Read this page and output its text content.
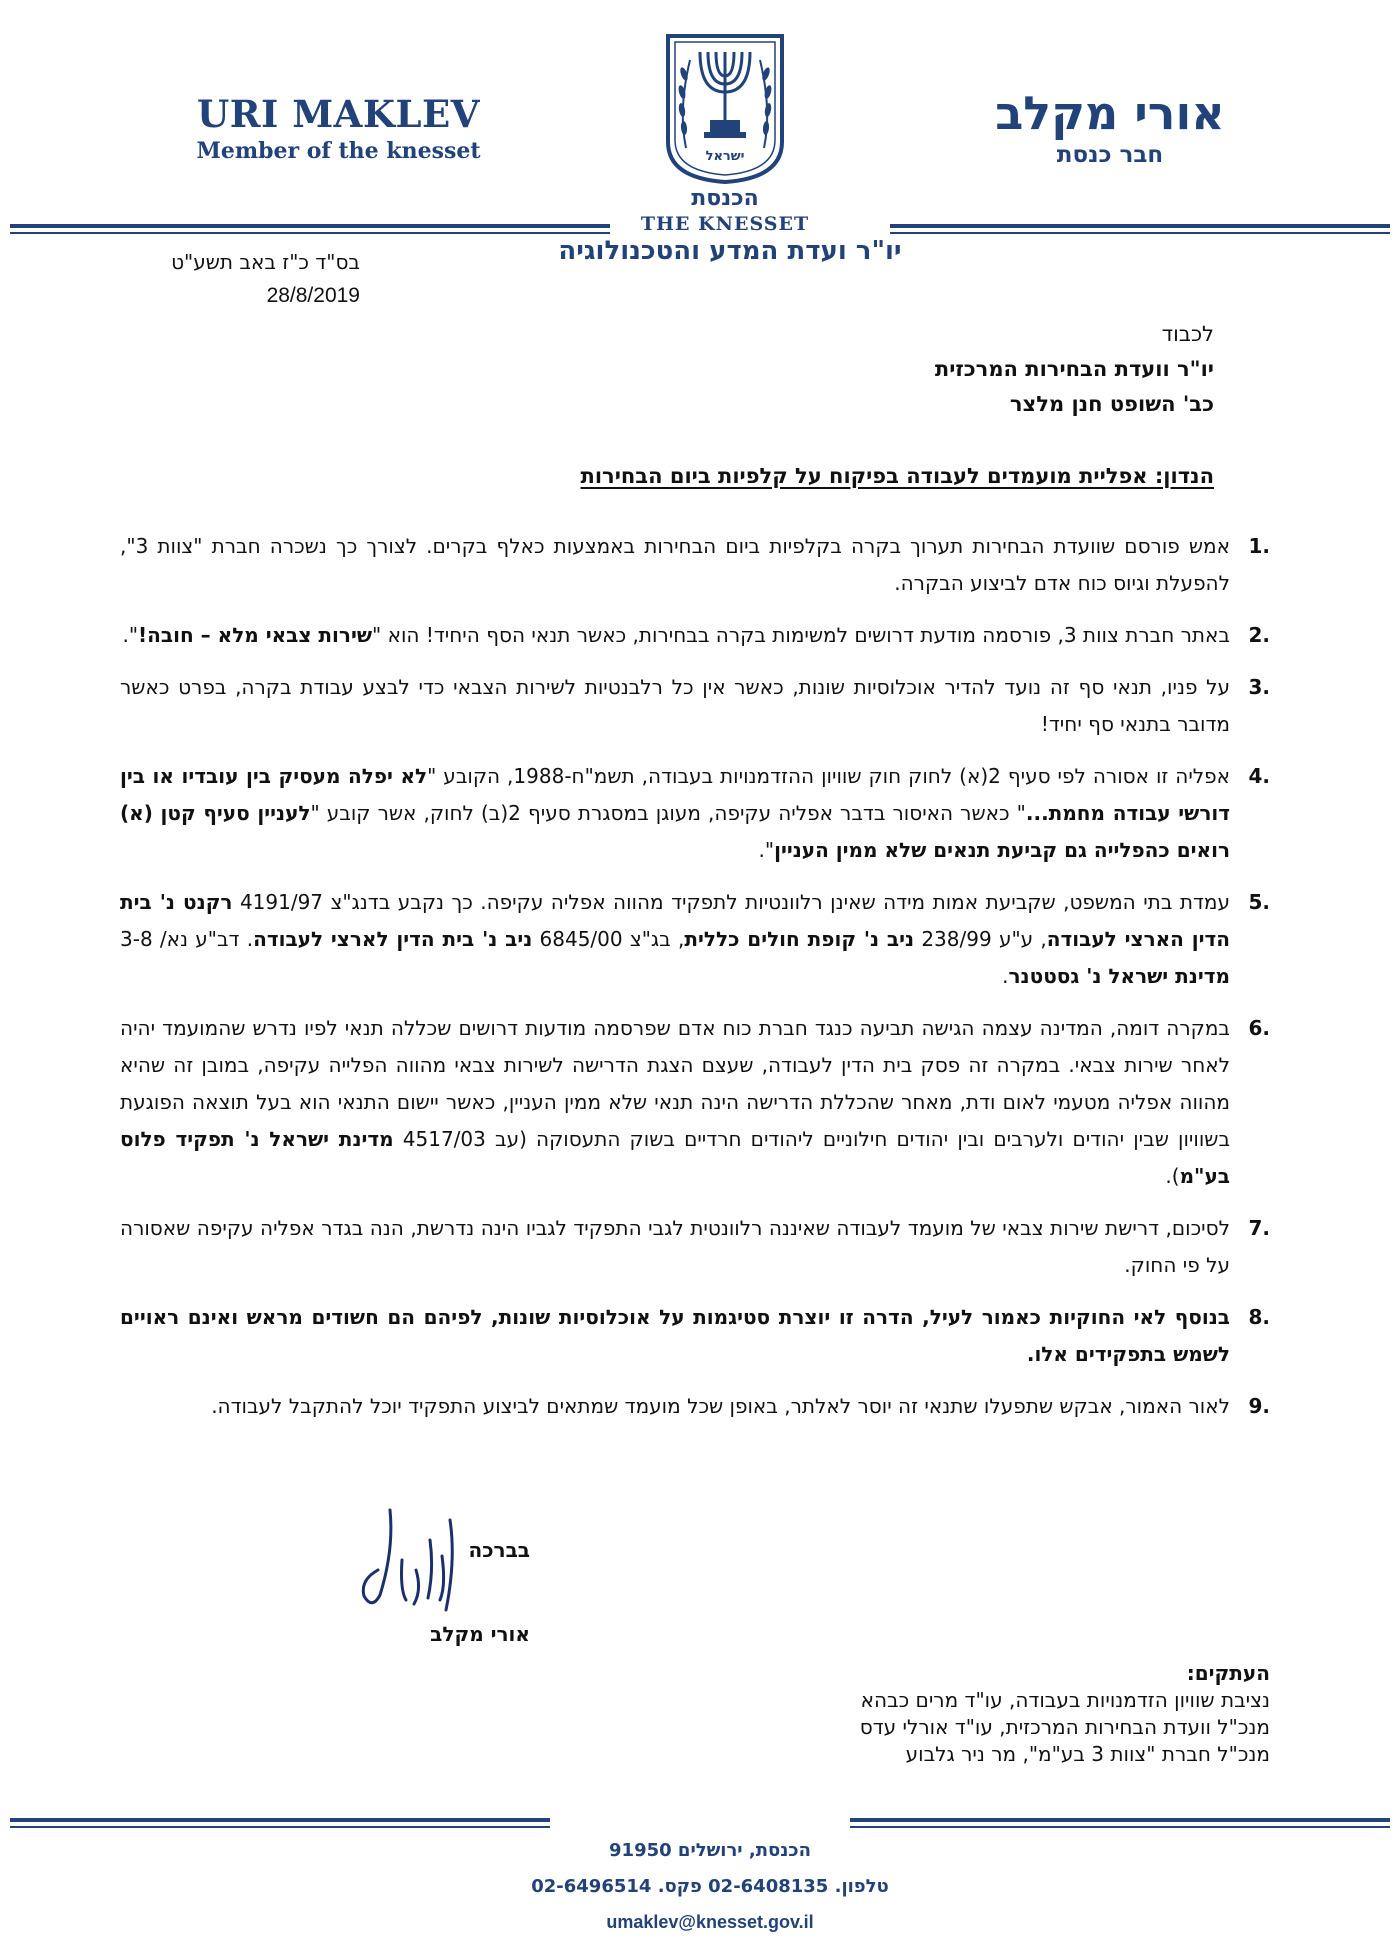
URI MAKLEV
Member of the knesset
אורי מקלב
חבר כנסת
ישראל
הכנסת
THE KNESSET
יו"ר ועדת המדע והטכנולוגיה
בס"ד כ"ז באב תשע"ט
28/8/2019
לכבוד
יו"ר וועדת הבחירות המרכזית
כב' השופט חנן מלצר
הנדון: אפליית מועמדים לעבודה בפיקוח על קלפיות ביום הבחירות
.1
אמש פורסם שוועדת הבחירות תערוך בקרה בקלפיות ביום הבחירות באמצעות כאלף בקרים. לצורך כך נשכרה חברת "צוות 3", להפעלת וגיוס כוח אדם לביצוע הבקרה.
.2
באתר חברת צוות 3, פורסמה מודעת דרושים למשימות בקרה בבחירות, כאשר תנאי הסף היחיד! הוא "שירות צבאי מלא – חובה!".
.3
על פניו, תנאי סף זה נועד להדיר אוכלוסיות שונות, כאשר אין כל רלבנטיות לשירות הצבאי כדי לבצע עבודת בקרה, בפרט כאשר מדובר בתנאי סף יחיד!
.4
אפליה זו אסורה לפי סעיף 2(א) לחוק חוק שוויון ההזדמנויות בעבודה, תשמ"ח-1988, הקובע "לא יפלה מעסיק בין עובדיו או בין דורשי עבודה מחמת..." כאשר האיסור בדבר אפליה עקיפה, מעוגן במסגרת סעיף 2(ב) לחוק, אשר קובע "לעניין סעיף קטן (א) רואים כהפלייה גם קביעת תנאים שלא ממין העניין".
.5
עמדת בתי המשפט, שקביעת אמות מידה שאינן רלוונטיות לתפקיד מהווה אפליה עקיפה. כך נקבע בדנג"צ 4191/97 רקנט נ' בית הדין הארצי לעבודה, ע"ע 238/99 ניב נ' קופת חולים כללית, בג"צ 6845/00 ניב נ' בית הדין לארצי לעבודה. דב"ע נא/ 3-8 מדינת ישראל נ' גסטטנר.
.6
במקרה דומה, המדינה עצמה הגישה תביעה כנגד חברת כוח אדם שפרסמה מודעות דרושים שכללה תנאי לפיו נדרש שהמועמד יהיה לאחר שירות צבאי. במקרה זה פסק בית הדין לעבודה, שעצם הצגת הדרישה לשירות צבאי מהווה הפלייה עקיפה, במובן זה שהיא מהווה אפליה מטעמי לאום ודת, מאחר שהכללת הדרישה הינה תנאי שלא ממין העניין, כאשר יישום התנאי הוא בעל תוצאה הפוגעת בשוויון שבין יהודים ולערבים ובין יהודים חילוניים ליהודים חרדיים בשוק התעסוקה (עב 4517/03 מדינת ישראל נ' תפקיד פלוס בע"מ).
.7
לסיכום, דרישת שירות צבאי של מועמד לעבודה שאיננה רלוונטית לגבי התפקיד לגביו הינה נדרשת, הנה בגדר אפליה עקיפה שאסורה על פי החוק.
.8
בנוסף לאי החוקיות כאמור לעיל, הדרה זו יוצרת סטיגמות על אוכלוסיות שונות, לפיהם הם חשודים מראש ואינם ראויים לשמש בתפקידים אלו.
.9
לאור האמור, אבקש שתפעלו שתנאי זה יוסר לאלתר, באופן שכל מועמד שמתאים לביצוע התפקיד יוכל להתקבל לעבודה.
בברכה
אורי מקלב
העתקים:
נציבת שוויון הזדמנויות בעבודה, עו"ד מרים כבהא
מנכ"ל וועדת הבחירות המרכזית, עו"ד אורלי עדס
מנכ"ל חברת "צוות 3 בע"מ", מר ניר גלבוע
הכנסת, ירושלים 91950
טלפון. 02-6408135 פקס. 02-6496514
umaklev@knesset.gov.il
